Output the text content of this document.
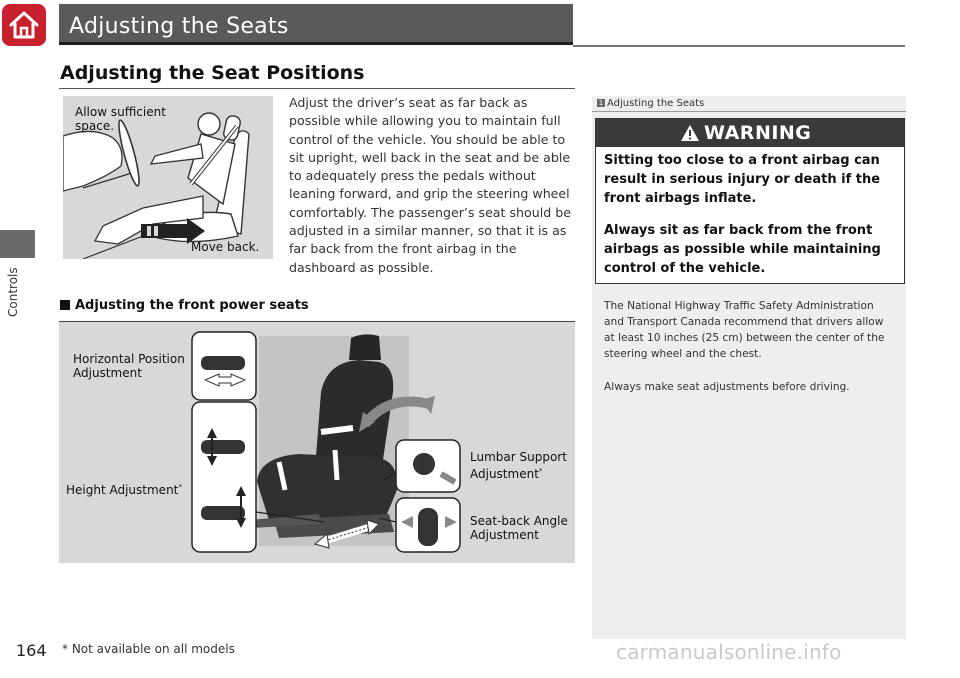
Adjusting the Seats
Controls
Adjusting the Seat Positions
Allow sufficient
space.
Move back.
Adjust the driver’s seat as far back as possible while allowing you to maintain full control of the vehicle. You should be able to sit upright, well back in the seat and be able to adequately press the pedals without leaning forward, and grip the steering wheel comfortably. The passenger’s seat should be adjusted in a similar manner, so that it is as far back from the front airbag in the dashboard as possible.
Adjusting the front power seats
Horizontal Position
Adjustment
Height Adjustment*
Lumbar Support
Adjustment*
Seat-back Angle
Adjustment
1 Adjusting the Seats
WARNING
Sitting too close to a front airbag can result in serious injury or death if the front airbags inflate.
Always sit as far back from the front airbags as possible while maintaining control of the vehicle.
The National Highway Traffic Safety Administration and Transport Canada recommend that drivers allow at least 10 inches (25 cm) between the center of the steering wheel and the chest.
Always make seat adjustments before driving.
164 * Not available on all models	carmanualsonline.info
